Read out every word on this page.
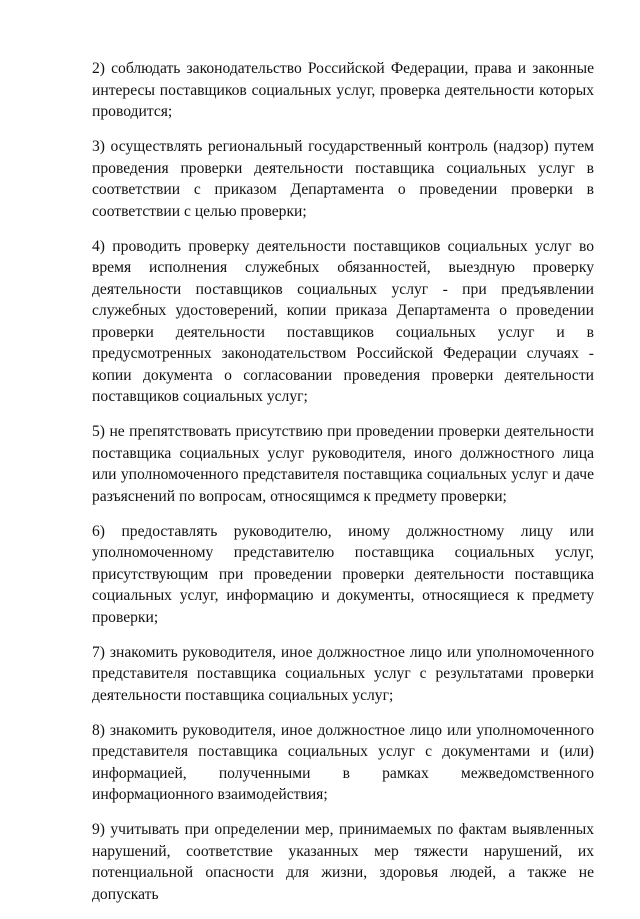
2) соблюдать законодательство Российской Федерации, права и законные интересы поставщиков социальных услуг, проверка деятельности которых проводится;

3) осуществлять региональный государственный контроль (надзор) путем проведения проверки деятельности поставщика социальных услуг в соответствии с приказом Департамента о проведении проверки в соответствии с целью проверки;

4) проводить проверку деятельности поставщиков социальных услуг во время исполнения служебных обязанностей, выездную проверку деятельности поставщиков социальных услуг - при предъявлении служебных удостоверений, копии приказа Департамента о проведении проверки деятельности поставщиков социальных услуг и в предусмотренных законодательством Российской Федерации случаях - копии документа о согласовании проведения проверки деятельности поставщиков социальных услуг;

5) не препятствовать присутствию при проведении проверки деятельности поставщика социальных услуг руководителя, иного должностного лица или уполномоченного представителя поставщика социальных услуг и даче разъяснений по вопросам, относящимся к предмету проверки;

6) предоставлять руководителю, иному должностному лицу или уполномоченному представителю поставщика социальных услуг, присутствующим при проведении проверки деятельности поставщика социальных услуг, информацию и документы, относящиеся к предмету проверки;

7) знакомить руководителя, иное должностное лицо или уполномоченного представителя поставщика социальных услуг с результатами проверки деятельности поставщика социальных услуг;

8) знакомить руководителя, иное должностное лицо или уполномоченного представителя поставщика социальных услуг с документами и (или) информацией, полученными в рамках межведомственного информационного взаимодействия;

9) учитывать при определении мер, принимаемых по фактам выявленных нарушений, соответствие указанных мер тяжести нарушений, их потенциальной опасности для жизни, здоровья людей, а также не допускать
